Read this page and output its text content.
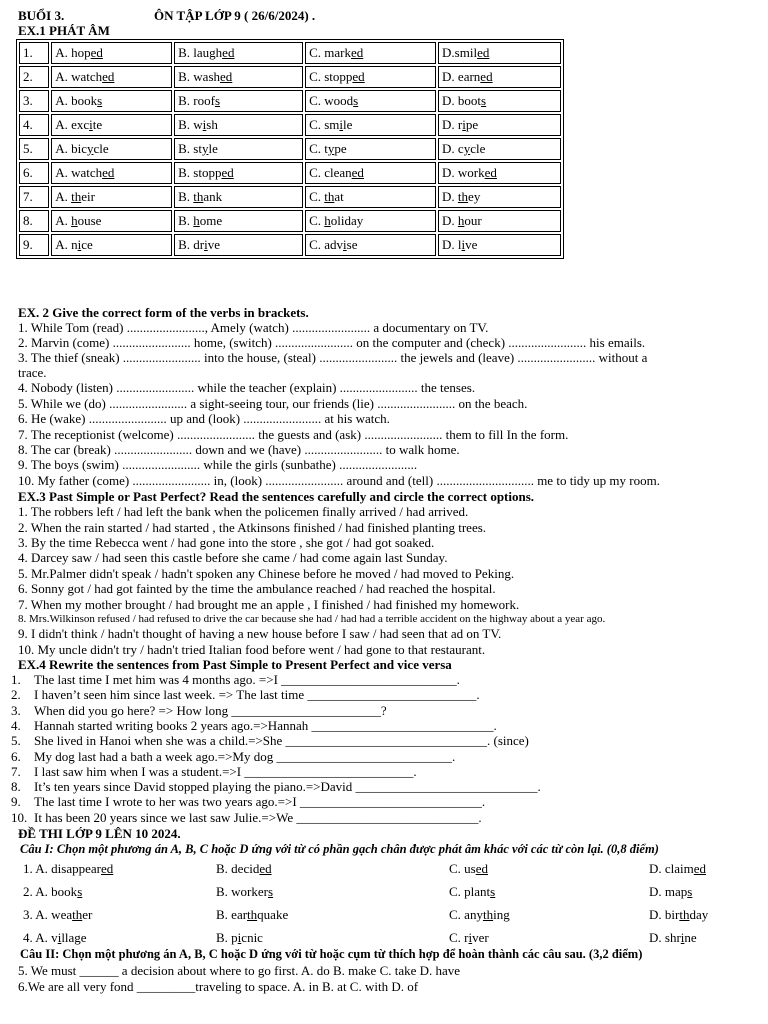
BUỔI 3.	ÔN TẬP LỚP 9 ( 26/6/2024) .
EX.1 PHÁT ÂM
1.	A. hoped	B. laughed	C. marked	D.smiled
2.	A. watched	B. washed	C. stopped	D. earned
3.	A. books	B. roofs	C. woods	D. boots
4.	A. excite	B. wish	C. smile	D. ripe
5.	A. bicycle	B. style	C. type	D. cycle
6.	A. watched	B. stopped	C. cleaned	D. worked
7.	A. their	B. thank	C. that	D. they
8.	A. house	B. home	C. holiday	D. hour
9.	A. nice	B. drive	C. advise	D. live
EX. 2 Give the correct form of the verbs in brackets.
1. While Tom (read) ........................, Amely (watch) ........................ a documentary on TV.
2. Marvin (come) ........................ home, (switch) ........................ on the computer and (check) ........................ his emails.
3. The thief (sneak) ........................ into the house, (steal) ........................ the jewels and (leave) ........................ without a
trace.
4. Nobody (listen) ........................ while the teacher (explain) ........................ the tenses.
5. While we (do) ........................ a sight-seeing tour, our friends (lie) ........................ on the beach.
6. He (wake) ........................ up and (look) ........................ at his watch.
7. The receptionist (welcome) ........................ the guests and (ask) ........................ them to fill In the form.
8. The car (break) ........................ down and we (have) ........................ to walk home.
9. The boys (swim) ........................ while the girls (sunbathe) ........................
10. My father (come) ........................ in, (look) ........................ around and (tell) .............................. me to tidy up my room.
EX.3 Past Simple or Past Perfect? Read the sentences carefully and circle the correct options.
1. The robbers left / had left the bank when the policemen finally arrived / had arrived.
2. When the rain started / had started , the Atkinsons finished / had finished planting trees.
3. By the time Rebecca went / had gone into the store , she got / had got soaked.
4. Darcey saw / had seen this castle before she came / had come again last Sunday.
5. Mr.Palmer didn't speak / hadn't spoken any Chinese before he moved / had moved to Peking.
6. Sonny got / had got fainted by the time the ambulance reached / had reached the hospital.
7. When my mother brought / had brought me an apple , I finished / had finished my homework.
8. Mrs.Wilkinson refused / had refused to drive the car because she had / had had a terrible accident on the highway about a year ago.
9. I didn't think / hadn't thought of having a new house before I saw / had seen that ad on TV.
10. My uncle didn't try / hadn't tried Italian food before went / had gone to that restaurant.
EX.4 Rewrite the sentences from Past Simple to Present Perfect and vice versa
1. The last time I met him was 4 months ago. =>I ___________________________.
2. I haven’t seen him since last week. => The last time __________________________.
3. When did you go here? => How long _______________________?
4. Hannah started writing books 2 years ago.=>Hannah ____________________________.
5. She lived in Hanoi when she was a child.=>She _______________________________. (since)
6. My dog last had a bath a week ago.=>My dog ___________________________.
7. I last saw him when I was a student.=>I __________________________.
8. It’s ten years since David stopped playing the piano.=>David ____________________________.
9. The last time I wrote to her was two years ago.=>I ____________________________.
10. It has been 20 years since we last saw Julie.=>We ____________________________.
ĐỀ THI LỚP 9 LÊN 10 2024.
Câu I: Chọn một phương án A, B, C hoặc D ứng với từ có phần gạch chân được phát âm khác với các từ còn lại. (0,8 điểm)
1. A. disappeared	B. decided	C. used	D. claimed
2. A. books	B. workers	C. plants	D. maps
3. A. weather	B. earthquake	C. anything	D. birthday
4. A. village	B. picnic	C. river	D. shrine
Câu II: Chọn một phương án A, B, C hoặc D ứng với từ hoặc cụm từ thích hợp để hoàn thành các câu sau. (3,2 điểm)
5. We must ______ a decision about where to go first. A. do B. make C. take D. have
6.We are all very fond _________traveling to space. A. in B. at C. with D. of
